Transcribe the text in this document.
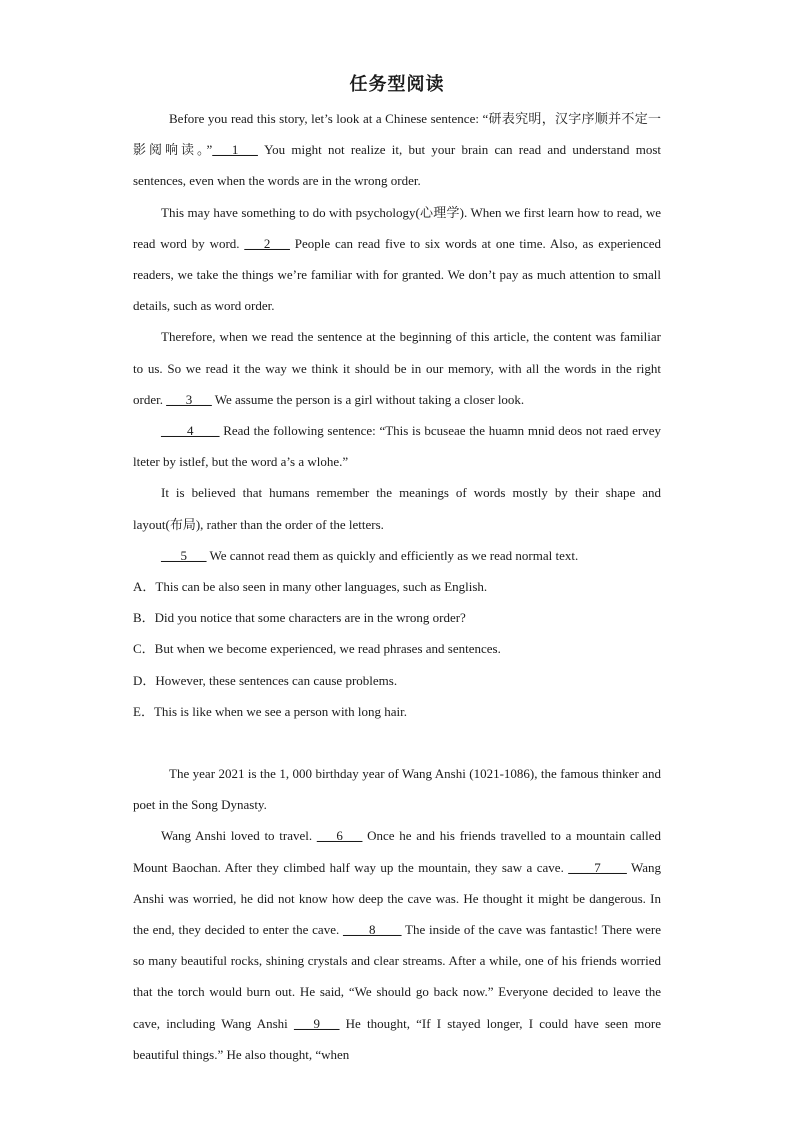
任务型阅读

Before you read this story, let’s look at a Chinese sentence: “研表究明，汉字序顺并不定一影阅响读。”___1___ You might not realize it, but your brain can read and understand most sentences, even when the words are in the wrong order.

This may have something to do with psychology(心理学). When we first learn how to read, we read word by word. ___2___ People can read five to six words at one time. Also, as experienced readers, we take the things we’re familiar with for granted. We don’t pay as much attention to small details, such as word order.

Therefore, when we read the sentence at the beginning of this article, the content was familiar to us. So we read it the way we think it should be in our memory, with all the words in the right order. ___3___ We assume the person is a girl without taking a closer look.

____4____ Read the following sentence: “This is bcuseae the huamn mnid deos not raed ervey lteter by istlef, but the word a’s a wlohe.”

It is believed that humans remember the meanings of words mostly by their shape and layout(布局), rather than the order of the letters.

___5___ We cannot read them as quickly and efficiently as we read normal text.

A．This can be also seen in many other languages, such as English.

B．Did you notice that some characters are in the wrong order?

C．But when we become experienced, we read phrases and sentences.

D．However, these sentences can cause problems.

E．This is like when we see a person with long hair.

The year 2021 is the 1, 000 birthday year of Wang Anshi (1021-1086), the famous thinker and poet in the Song Dynasty.

Wang Anshi loved to travel. ___6___ Once he and his friends travelled to a mountain called Mount Baochan. After they climbed half way up the mountain, they saw a cave. ____7____ Wang Anshi was worried, he did not know how deep the cave was. He thought it might be dangerous. In the end, they decided to enter the cave. ____8____ The inside of the cave was fantastic! There were so many beautiful rocks, shining crystals and clear streams. After a while, one of his friends worried that the torch would burn out. He said, “We should go back now.” Everyone decided to leave the cave, including Wang Anshi ___9___ He thought, “If I stayed longer, I could have seen more beautiful things.” He also thought, “when
